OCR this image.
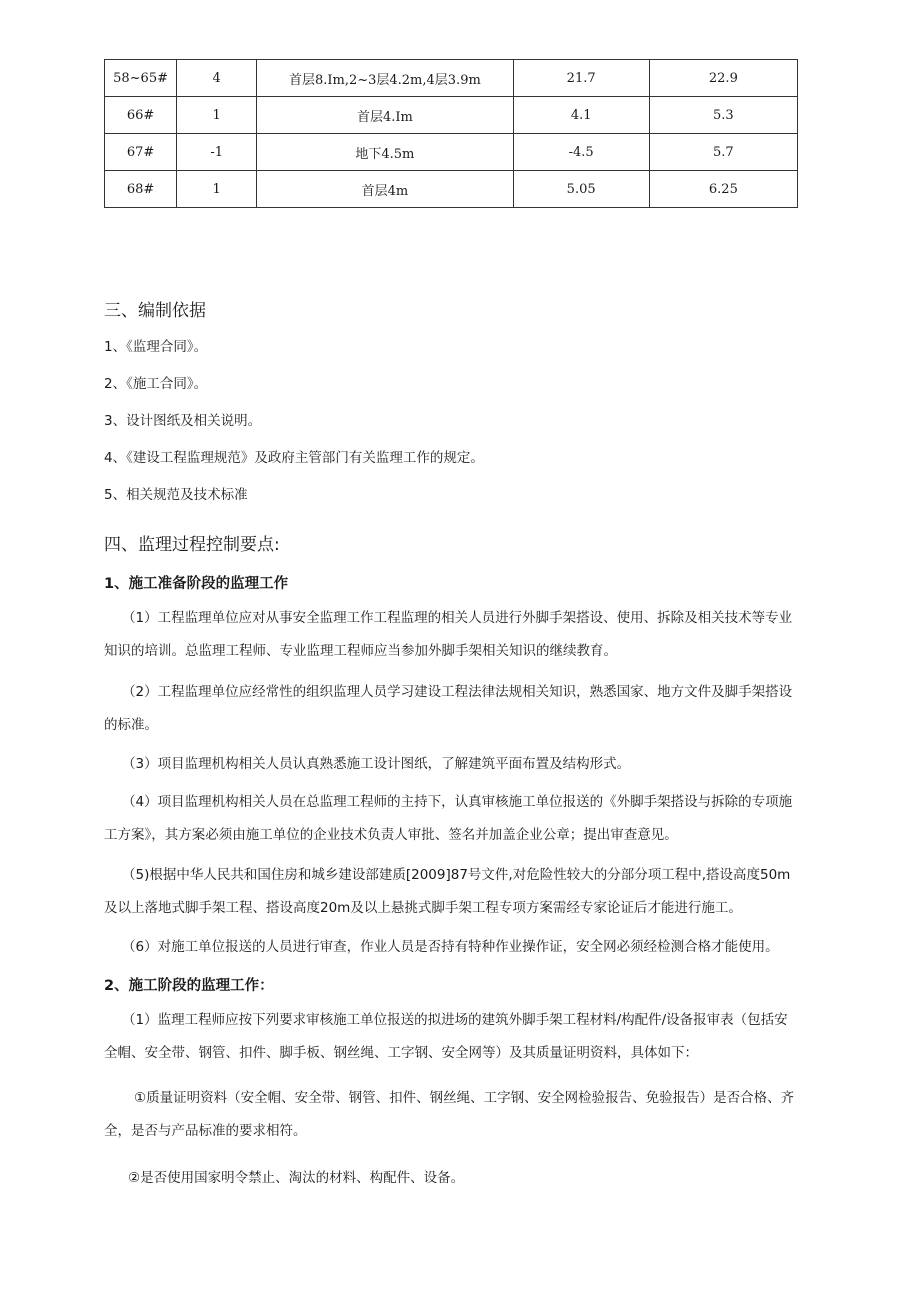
58~65#	4	首层8.Im,2~3层4.2m,4层3.9m	21.7	22.9
66#	1	首层4.Im	4.1	5.3
67#	-1	地下4.5m	-4.5	5.7
68#	1	首层4m	5.05	6.25
三、编制依据
1、《监理合同》。
2、《施工合同》。
3、设计图纸及相关说明。
4、《建设工程监理规范》及政府主管部门有关监理工作的规定。
5、相关规范及技术标准
四、监理过程控制要点:
1、施工准备阶段的监理工作
（1）工程监理单位应对从事安全监理工作工程监理的相关人员进行外脚手架搭设、使用、拆除及相关技术等专业知识的培训。总监理工程师、专业监理工程师应当参加外脚手架相关知识的继续教育。
（2）工程监理单位应经常性的组织监理人员学习建设工程法律法规相关知识，熟悉国家、地方文件及脚手架搭设的标准。
（3）项目监理机构相关人员认真熟悉施工设计图纸，了解建筑平面布置及结构形式。
（4）项目监理机构相关人员在总监理工程师的主持下，认真审核施工单位报送的《外脚手架搭设与拆除的专项施工方案》，其方案必须由施工单位的企业技术负责人审批、签名并加盖企业公章；提出审查意见。
（5)根据中华人民共和国住房和城乡建设部建质[2009]87号文件,对危险性较大的分部分项工程中,搭设高度50m及以上落地式脚手架工程、搭设高度20m及以上悬挑式脚手架工程专项方案需经专家论证后才能进行施工。
（6）对施工单位报送的人员进行审查，作业人员是否持有特种作业操作证，安全网必须经检测合格才能使用。
2、施工阶段的监理工作：
（1）监理工程师应按下列要求审核施工单位报送的拟进场的建筑外脚手架工程材料/构配件/设备报审表（包括安全帽、安全带、钢管、扣件、脚手板、钢丝绳、工字钢、安全网等）及其质量证明资料，具体如下：
①质量证明资料（安全帽、安全带、钢管、扣件、钢丝绳、工字钢、安全网检验报告、免验报告）是否合格、齐全，是否与产品标准的要求相符。
②是否使用国家明令禁止、淘汰的材料、构配件、设备。
